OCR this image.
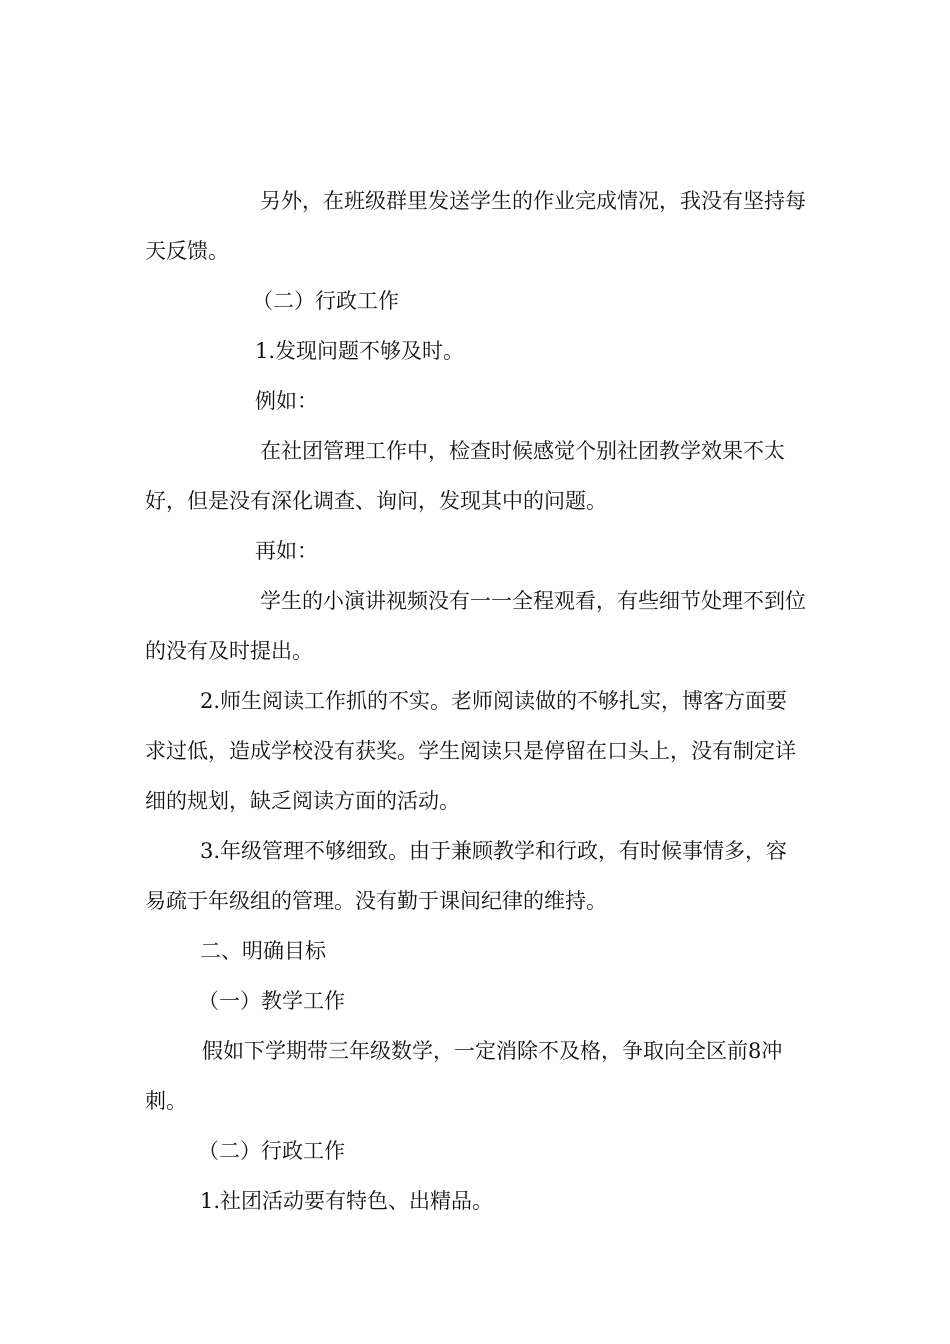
另外，在班级群里发送学生的作业完成情况，我没有坚持每天反馈。

（二）行政工作

1.发现问题不够及时。

例如：

在社团管理工作中，检查时候感觉个别社团教学效果不太好，但是没有深化调查、询问，发现其中的问题。

再如：

学生的小演讲视频没有一一全程观看，有些细节处理不到位的没有及时提出。

2.师生阅读工作抓的不实。老师阅读做的不够扎实，博客方面要求过低，造成学校没有获奖。学生阅读只是停留在口头上，没有制定详细的规划，缺乏阅读方面的活动。

3.年级管理不够细致。由于兼顾教学和行政，有时候事情多，容易疏于年级组的管理。没有勤于课间纪律的维持。

二、明确目标

（一）教学工作

假如下学期带三年级数学，一定消除不及格，争取向全区前8冲刺。

（二）行政工作

1.社团活动要有特色、出精品。
